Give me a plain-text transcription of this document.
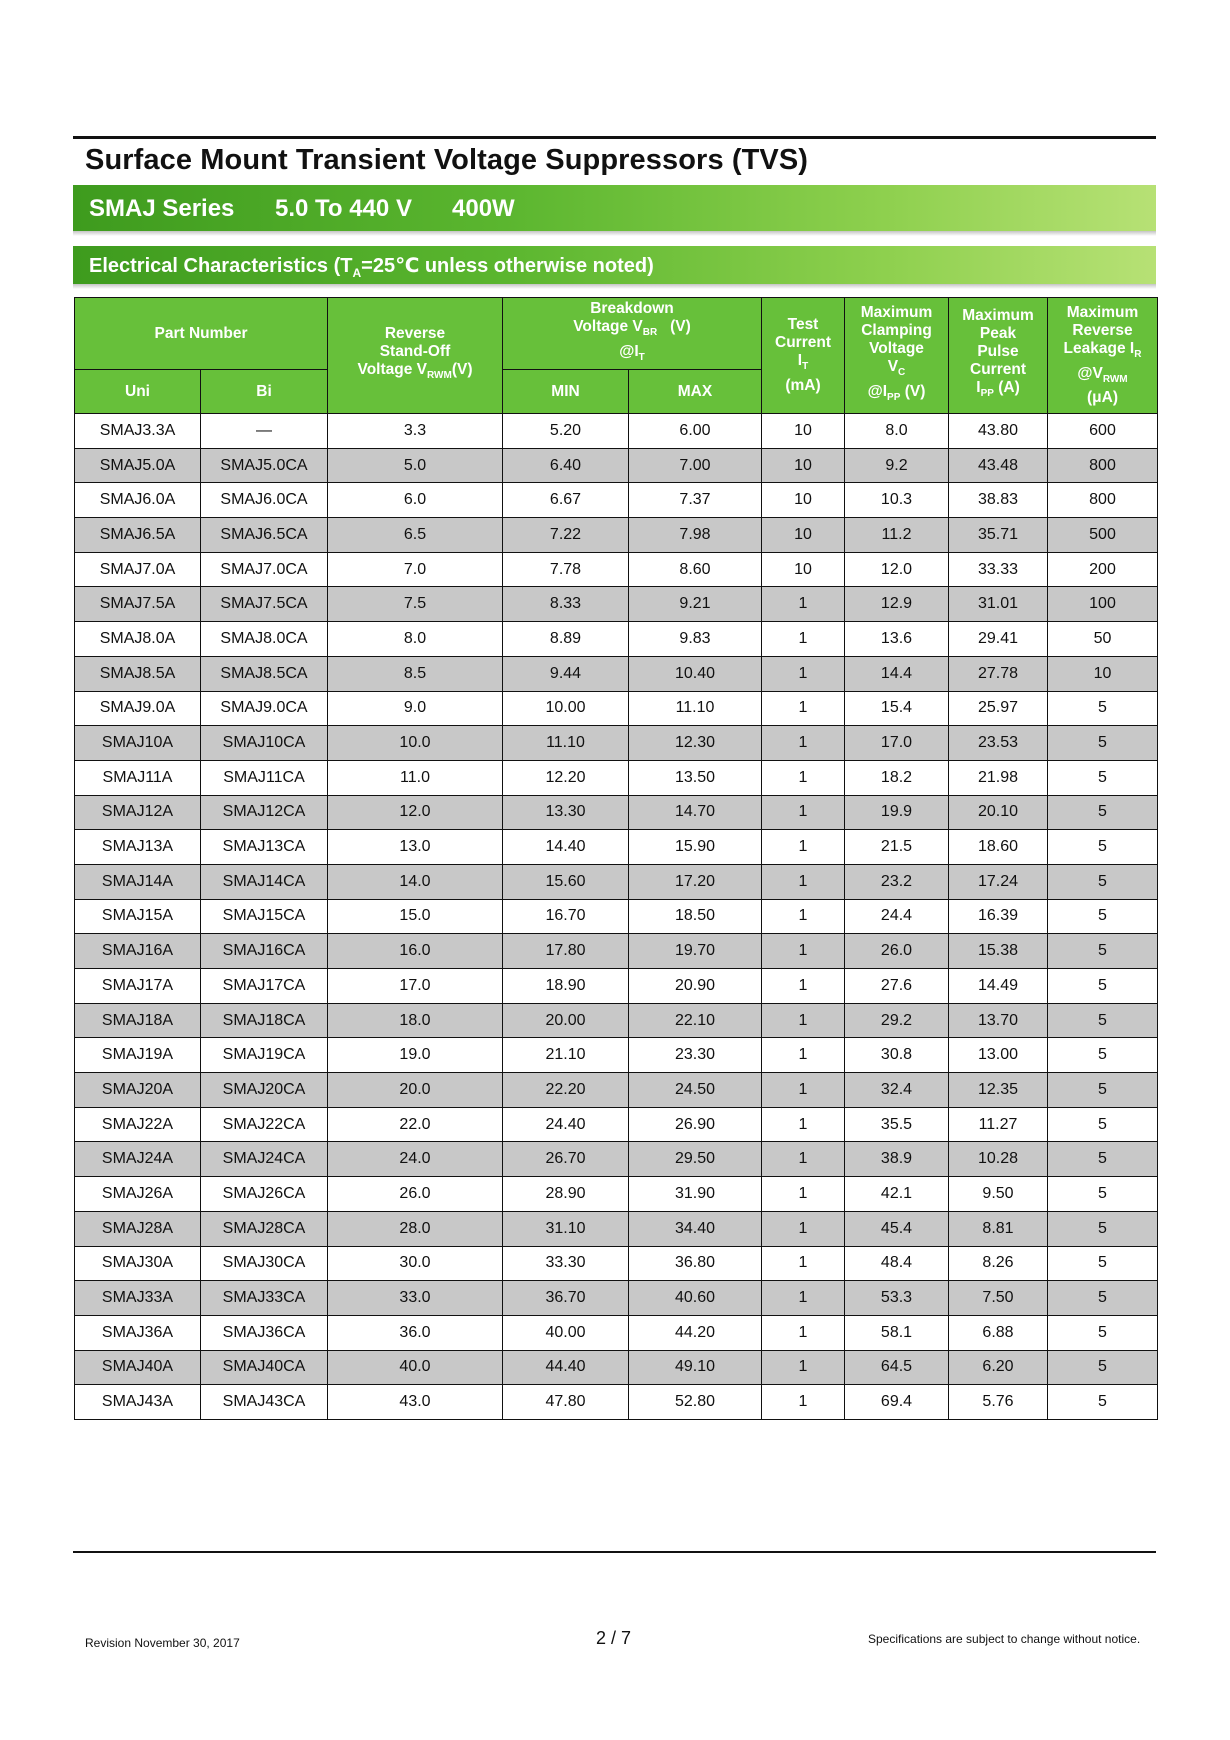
Surface Mount Transient Voltage Suppressors (TVS)
SMAJ Series 5.0 To 440 V 400W
Electrical Characteristics ($T_A=25℃$ unless otherwise noted)
Part Number		Reverse
Stand-Off
Voltage $V_{RWM}(V)$	Breakdown
Voltage $V_{BR}$ (V)
$@I_T$		Test
Current
$I_T$
(mA)	Maximum
Clamping
Voltage
$V_C$
$@I_{PP}$ (V)	Maximum
Peak
Pulse
Current
$I_{PP}$ (A)	Maximum
Reverse
Leakage $I_R$
$@V_{RWM}$
(μA)
Uni	Bi		MIN	MAX				
SMAJ3.3A	—	3.3	5.20	6.00	10	8.0	43.80	600
SMAJ5.0A	SMAJ5.0CA	5.0	6.40	7.00	10	9.2	43.48	800
SMAJ6.0A	SMAJ6.0CA	6.0	6.67	7.37	10	10.3	38.83	800
SMAJ6.5A	SMAJ6.5CA	6.5	7.22	7.98	10	11.2	35.71	500
SMAJ7.0A	SMAJ7.0CA	7.0	7.78	8.60	10	12.0	33.33	200
SMAJ7.5A	SMAJ7.5CA	7.5	8.33	9.21	1	12.9	31.01	100
SMAJ8.0A	SMAJ8.0CA	8.0	8.89	9.83	1	13.6	29.41	50
SMAJ8.5A	SMAJ8.5CA	8.5	9.44	10.40	1	14.4	27.78	10
SMAJ9.0A	SMAJ9.0CA	9.0	10.00	11.10	1	15.4	25.97	5
SMAJ10A	SMAJ10CA	10.0	11.10	12.30	1	17.0	23.53	5
SMAJ11A	SMAJ11CA	11.0	12.20	13.50	1	18.2	21.98	5
SMAJ12A	SMAJ12CA	12.0	13.30	14.70	1	19.9	20.10	5
SMAJ13A	SMAJ13CA	13.0	14.40	15.90	1	21.5	18.60	5
SMAJ14A	SMAJ14CA	14.0	15.60	17.20	1	23.2	17.24	5
SMAJ15A	SMAJ15CA	15.0	16.70	18.50	1	24.4	16.39	5
SMAJ16A	SMAJ16CA	16.0	17.80	19.70	1	26.0	15.38	5
SMAJ17A	SMAJ17CA	17.0	18.90	20.90	1	27.6	14.49	5
SMAJ18A	SMAJ18CA	18.0	20.00	22.10	1	29.2	13.70	5
SMAJ19A	SMAJ19CA	19.0	21.10	23.30	1	30.8	13.00	5
SMAJ20A	SMAJ20CA	20.0	22.20	24.50	1	32.4	12.35	5
SMAJ22A	SMAJ22CA	22.0	24.40	26.90	1	35.5	11.27	5
SMAJ24A	SMAJ24CA	24.0	26.70	29.50	1	38.9	10.28	5
SMAJ26A	SMAJ26CA	26.0	28.90	31.90	1	42.1	9.50	5
SMAJ28A	SMAJ28CA	28.0	31.10	34.40	1	45.4	8.81	5
SMAJ30A	SMAJ30CA	30.0	33.30	36.80	1	48.4	8.26	5
SMAJ33A	SMAJ33CA	33.0	36.70	40.60	1	53.3	7.50	5
SMAJ36A	SMAJ36CA	36.0	40.00	44.20	1	58.1	6.88	5
SMAJ40A	SMAJ40CA	40.0	44.40	49.10	1	64.5	6.20	5
SMAJ43A	SMAJ43CA	43.0	47.80	52.80	1	69.4	5.76	5
Revision November 30, 2017	2 / 7	Specifications are subject to change without notice.
